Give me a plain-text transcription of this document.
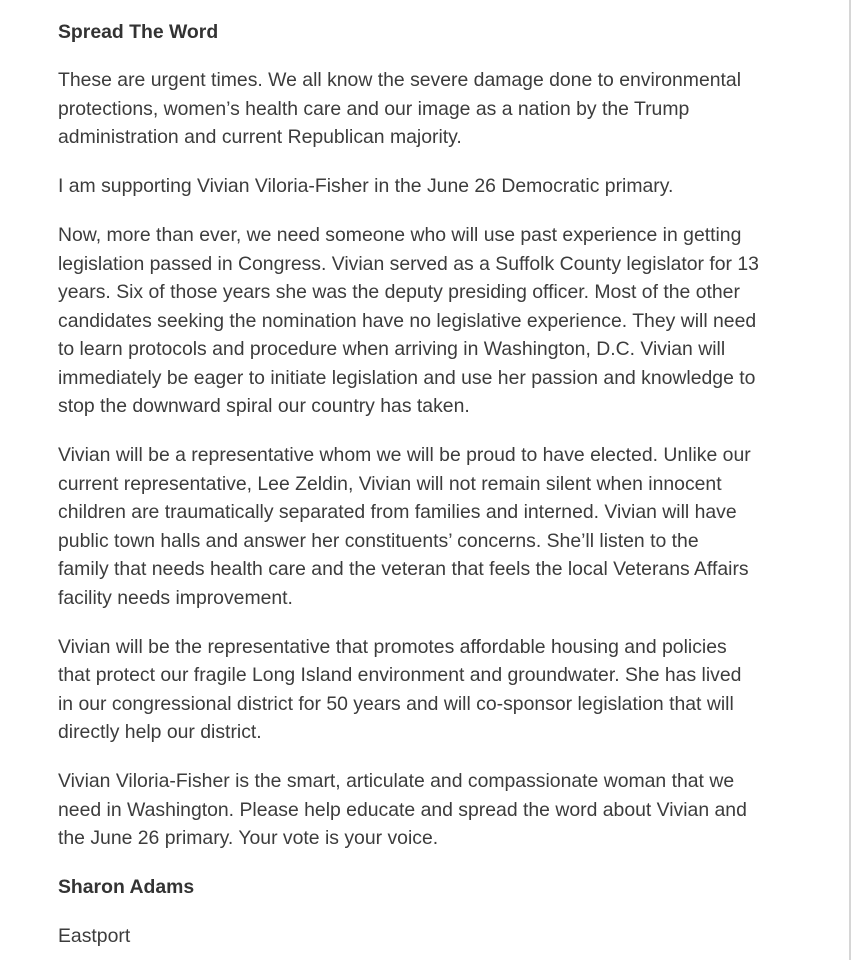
Spread The Word

These are urgent times. We all know the severe damage done to environmental
protections, women’s health care and our image as a nation by the Trump
administration and current Republican majority.

I am supporting Vivian Viloria-Fisher in the June 26 Democratic primary.

Now, more than ever, we need someone who will use past experience in getting
legislation passed in Congress. Vivian served as a Suffolk County legislator for 13
years. Six of those years she was the deputy presiding officer. Most of the other
candidates seeking the nomination have no legislative experience. They will need
to learn protocols and procedure when arriving in Washington, D.C. Vivian will
immediately be eager to initiate legislation and use her passion and knowledge to
stop the downward spiral our country has taken.

Vivian will be a representative whom we will be proud to have elected. Unlike our
current representative, Lee Zeldin, Vivian will not remain silent when innocent
children are traumatically separated from families and interned. Vivian will have
public town halls and answer her constituents’ concerns. She’ll listen to the
family that needs health care and the veteran that feels the local Veterans Affairs
facility needs improvement.

Vivian will be the representative that promotes affordable housing and policies
that protect our fragile Long Island environment and groundwater. She has lived
in our congressional district for 50 years and will co-sponsor legislation that will
directly help our district.

Vivian Viloria-Fisher is the smart, articulate and compassionate woman that we
need in Washington. Please help educate and spread the word about Vivian and
the June 26 primary. Your vote is your voice.

Sharon Adams
Eastport
